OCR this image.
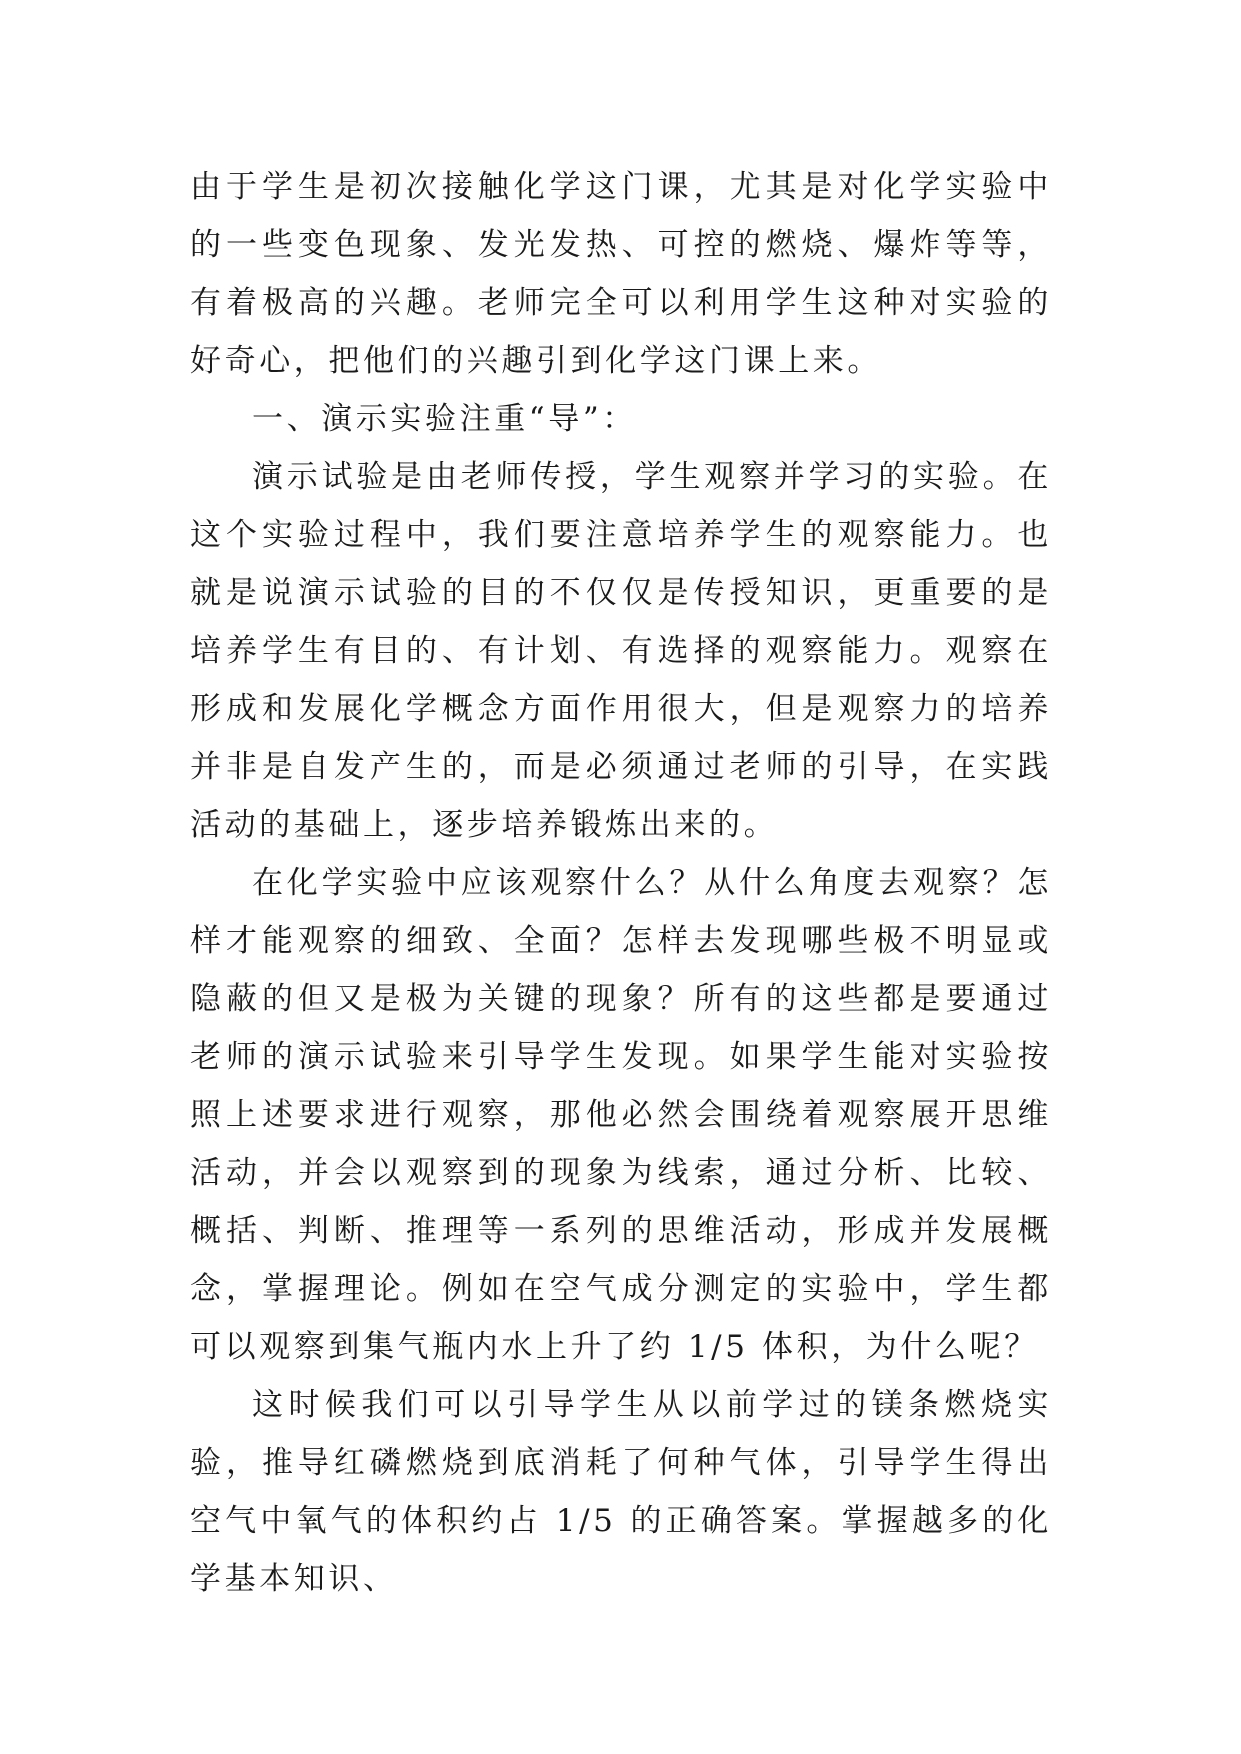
由于学生是初次接触化学这门课，尤其是对化学实验中的一些变色现象、发光发热、可控的燃烧、爆炸等等，有着极高的兴趣。老师完全可以利用学生这种对实验的好奇心，把他们的兴趣引到化学这门课上来。

一、演示实验注重“导”：

演示试验是由老师传授，学生观察并学习的实验。在这个实验过程中，我们要注意培养学生的观察能力。也就是说演示试验的目的不仅仅是传授知识，更重要的是培养学生有目的、有计划、有选择的观察能力。观察在形成和发展化学概念方面作用很大，但是观察力的培养并非是自发产生的，而是必须通过老师的引导，在实践活动的基础上，逐步培养锻炼出来的。

在化学实验中应该观察什么？从什么角度去观察？怎样才能观察的细致、全面？怎样去发现哪些极不明显或隐蔽的但又是极为关键的现象？所有的这些都是要通过老师的演示试验来引导学生发现。如果学生能对实验按照上述要求进行观察，那他必然会围绕着观察展开思维活动，并会以观察到的现象为线索，通过分析、比较、概括、判断、推理等一系列的思维活动，形成并发展概念，掌握理论。例如在空气成分测定的实验中，学生都可以观察到集气瓶内水上升了约 1/5 体积，为什么呢？

这时候我们可以引导学生从以前学过的镁条燃烧实验，推导红磷燃烧到底消耗了何种气体，引导学生得出空气中氧气的体积约占 1/5 的正确答案。掌握越多的化学基本知识、
